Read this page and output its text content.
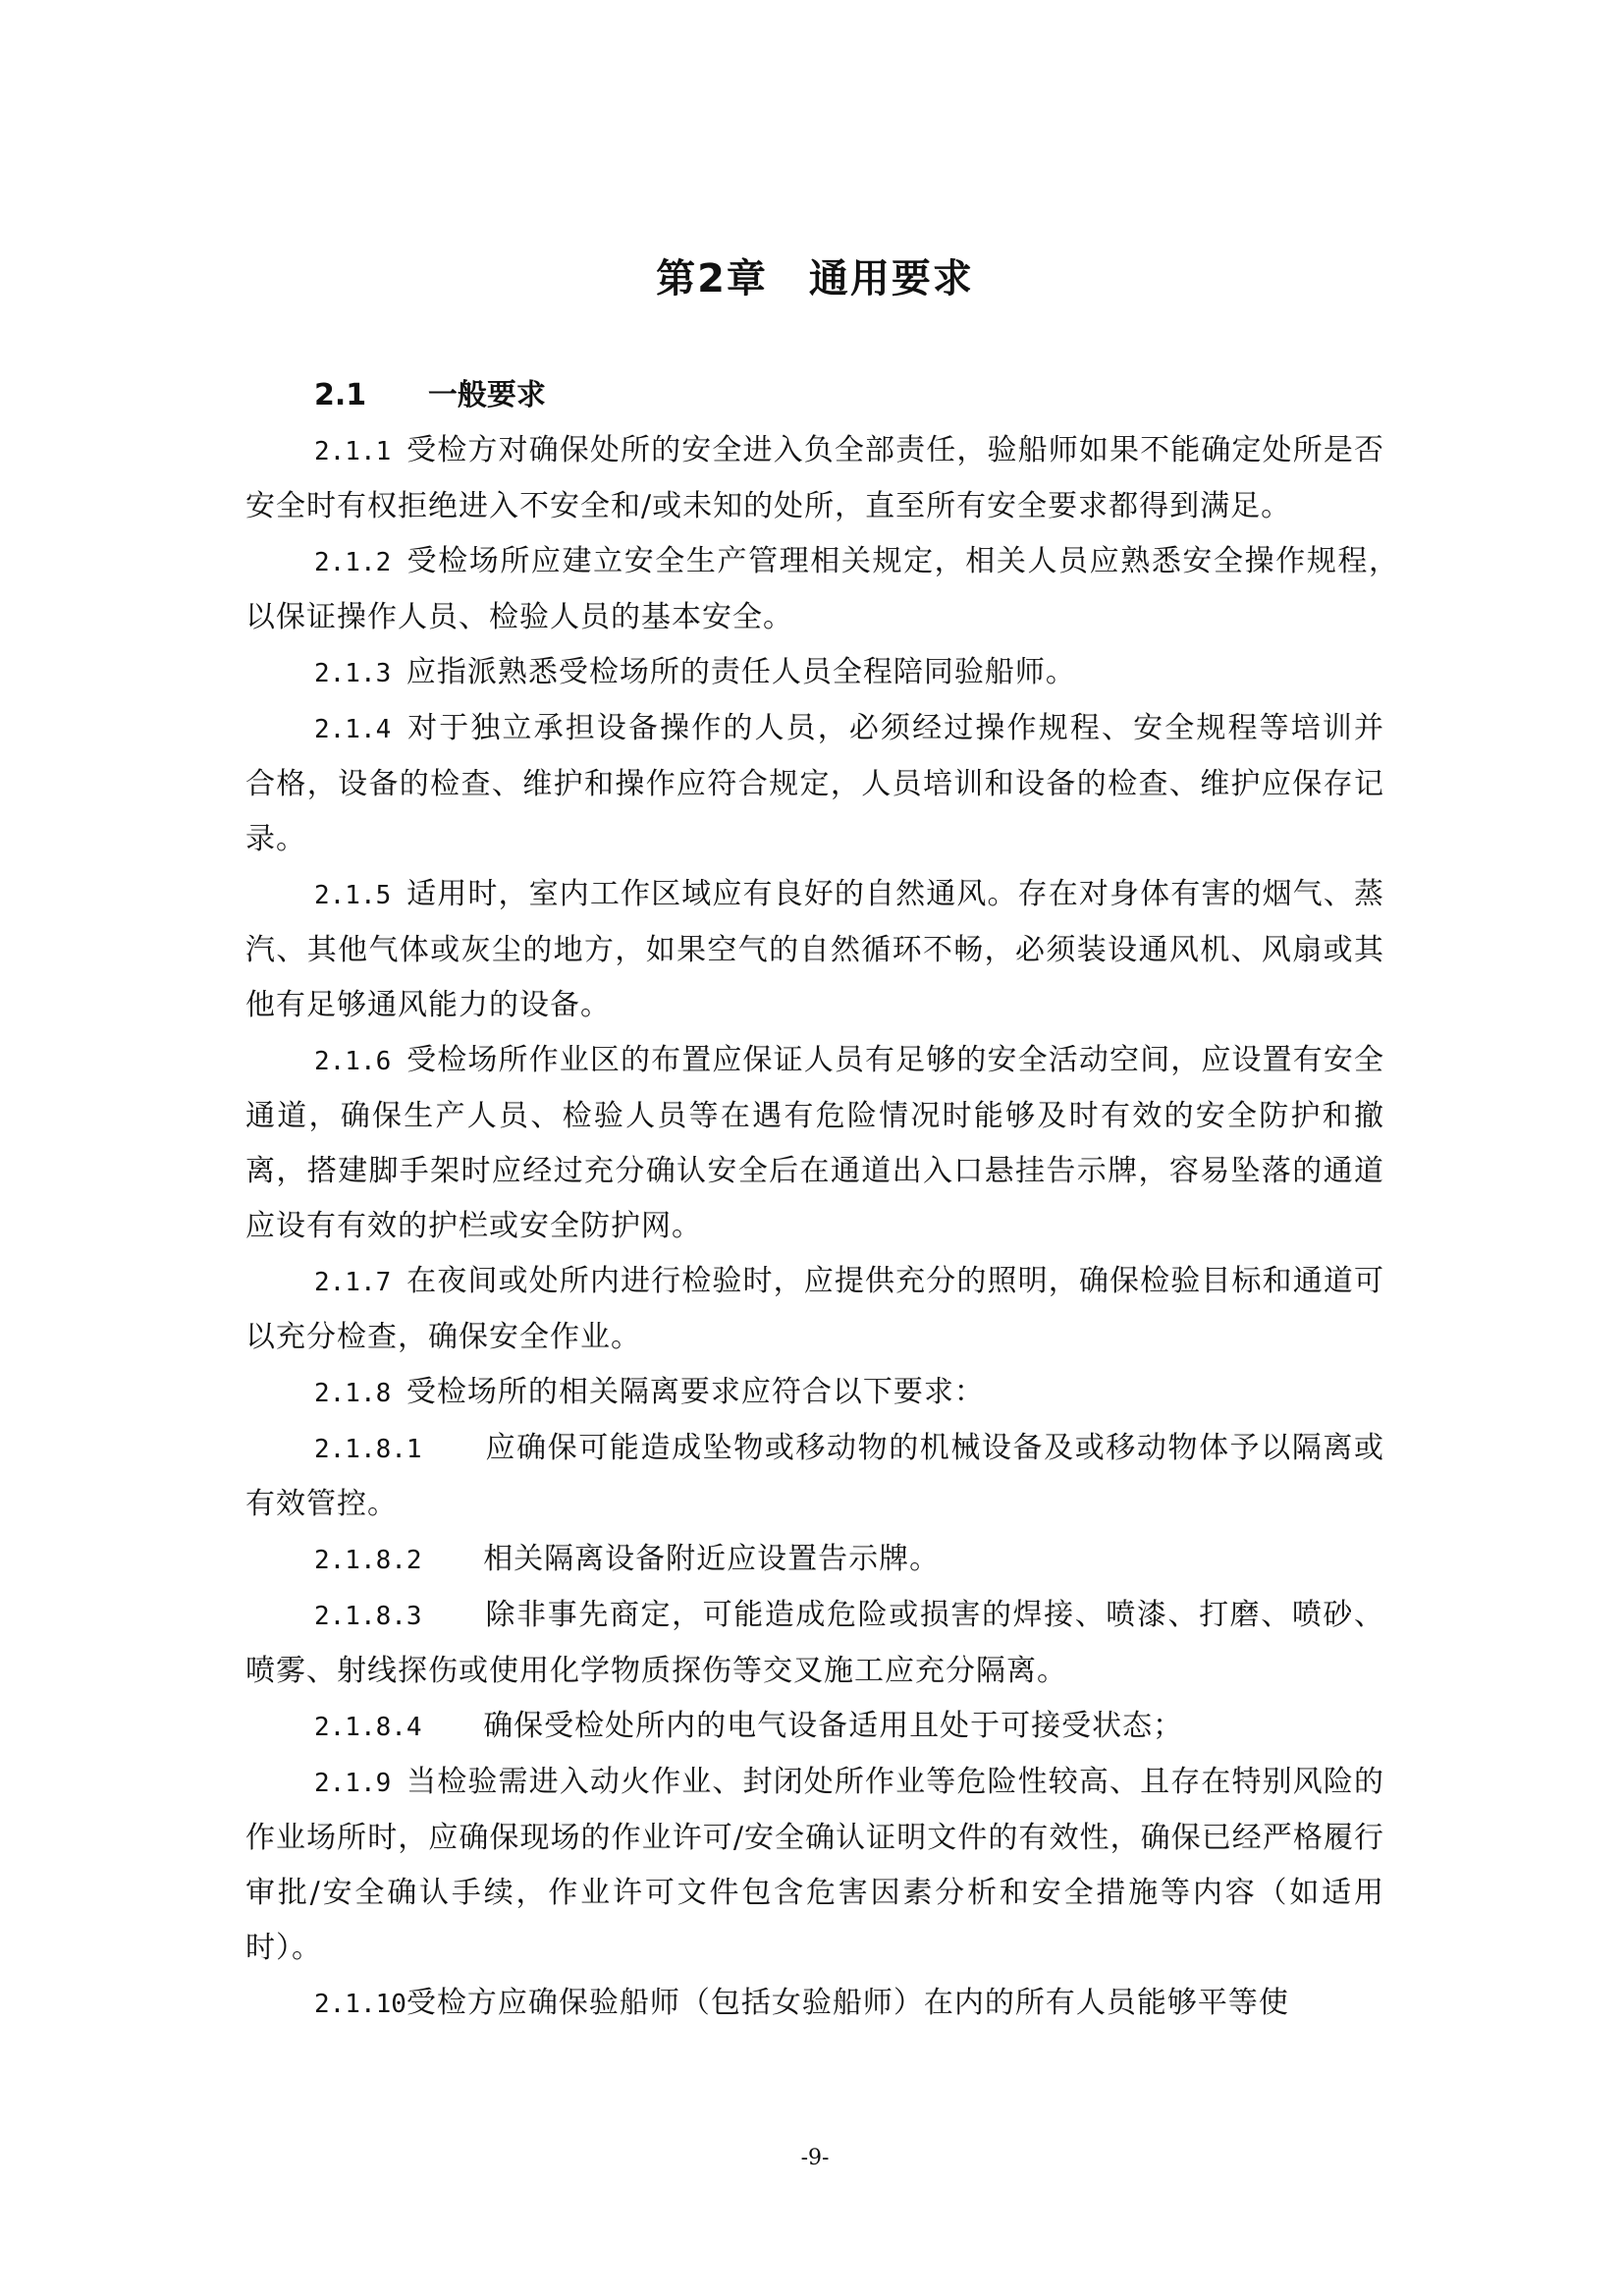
第2章　通用要求

2.1 一般要求

2.1.1 受检方对确保处所的安全进入负全部责任，验船师如果不能确定处所是否安全时有权拒绝进入不安全和/或未知的处所，直至所有安全要求都得到满足。

2.1.2 受检场所应建立安全生产管理相关规定，相关人员应熟悉安全操作规程，　以保证操作人员、检验人员的基本安全。

2.1.3 应指派熟悉受检场所的责任人员全程陪同验船师。

2.1.4 对于独立承担设备操作的人员，必须经过操作规程、安全规程等培训并　合格，设备的检查、维护和操作应符合规定，人员培训和设备的检查、维护应保存记录。

2.1.5 适用时，室内工作区域应有良好的自然通风。存在对身体有害的烟气、蒸汽、其他气体或灰尘的地方，如果空气的自然循环不畅，必须装设通风机、风扇或其他有足够通风能力的设备。

2.1.6 受检场所作业区的布置应保证人员有足够的安全活动空间，应设置有安全通道，确保生产人员、检验人员等在遇有危险情况时能够及时有效的安全防护和撤离，搭建脚手架时应经过充分确认安全后在通道出入口悬挂告示牌，容易坠落的通道应设有有效的护栏或安全防护网。

2.1.7 在夜间或处所内进行检验时，应提供充分的照明，确保检验目标和通道可以充分检查，确保安全作业。

2.1.8 受检场所的相关隔离要求应符合以下要求：

2.1.8.1    应确保可能造成坠物或移动物的机械设备及或移动物体予以隔离或　有效管控。

2.1.8.2    相关隔离设备附近应设置告示牌。

2.1.8.3    除非事先商定，可能造成危险或损害的焊接、喷漆、打磨、喷砂、喷雾、射线探伤或使用化学物质探伤等交叉施工应充分隔离。

2.1.8.4    确保受检处所内的电气设备适用且处于可接受状态；

2.1.9 当检验需进入动火作业、封闭处所作业等危险性较高、且存在特别风险的作业场所时，应确保现场的作业许可/安全确认证明文件的有效性，确保已经严格履行审批/安全确认手续，作业许可文件包含危害因素分析和安全措施等内容（如适用时）。

2.1.10受检方应确保验船师（包括女验船师）在内的所有人员能够平等使

-9-
